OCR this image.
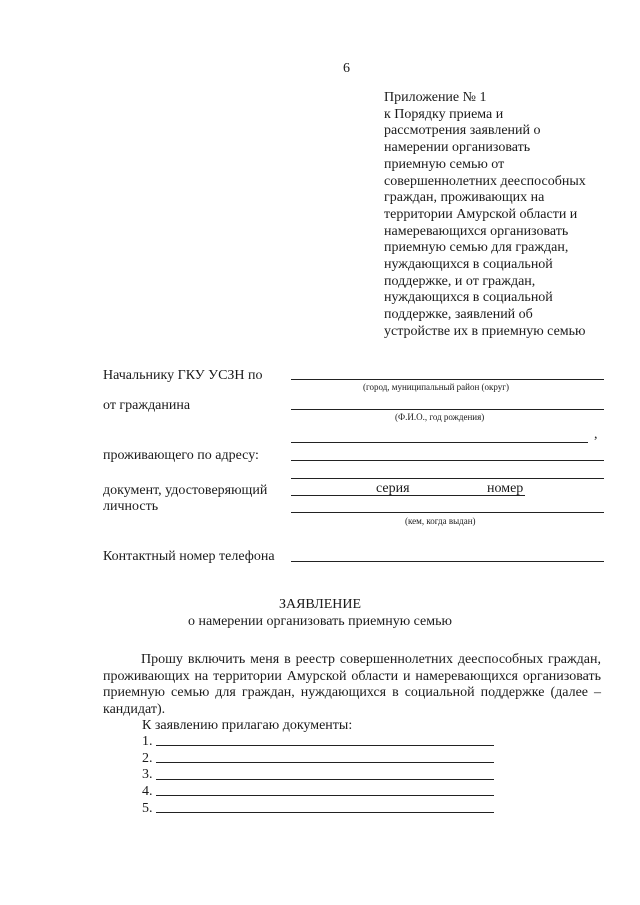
6
Приложение № 1
к Порядку приема и
рассмотрения заявлений о
намерении организовать
приемную семью от
совершеннолетних дееспособных
граждан, проживающих на
территории Амурской области и
намеревающихся организовать
приемную семью для граждан,
нуждающихся в социальной
поддержке, и от граждан,
нуждающихся в социальной
поддержке, заявлений об
устройстве их в приемную семью
Начальнику ГКУ УСЗН по
(город, муниципальный район (округ)
от гражданина
(Ф.И.О., год рождения)
,
проживающего по адресу:
документ, удостоверяющий
личность
серия	номер
(кем, когда выдан)
Контактный номер телефона
ЗАЯВЛЕНИЕ
о намерении организовать приемную семью
Прошу включить меня в реестр совершеннолетних дееспособных граждан, проживающих на территории Амурской области и намеревающихся организовать приемную семью для граждан, нуждающихся в социальной поддержке (далее – кандидат).
К заявлению прилагаю документы:
1.
2.
3.
4.
5.
